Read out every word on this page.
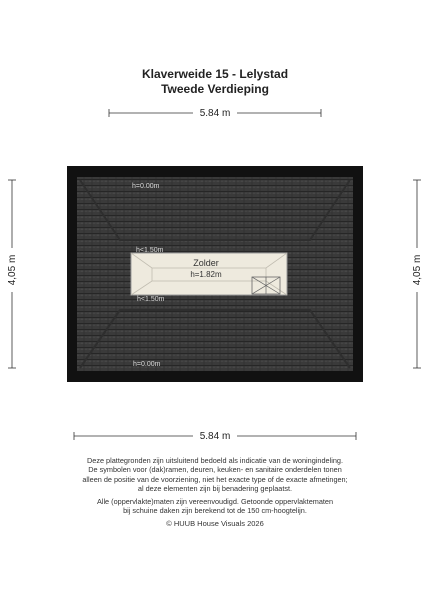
Klaverweide 15 - Lelystad
Tweede Verdieping
5.84 m
5.84 m
4,05 m	4,05 m
Zolder
h=1.82m
h=0.00m
h<1.50m
h<1.50m
h=0.00m
Deze plattegronden zijn uitsluitend bedoeld als indicatie van de woningindeling.
De symbolen voor (dak)ramen, deuren, keuken- en sanitaire onderdelen tonen
alleen de positie van de voorziening, niet het exacte type of de exacte afmetingen;
al deze elementen zijn bij benadering geplaatst.
Alle (oppervlakte)maten zijn vereenvoudigd. Getoonde oppervlaktematen
bij schuine daken zijn berekend tot de 150 cm-hoogtelijn.
© HUUB House Visuals 2026
